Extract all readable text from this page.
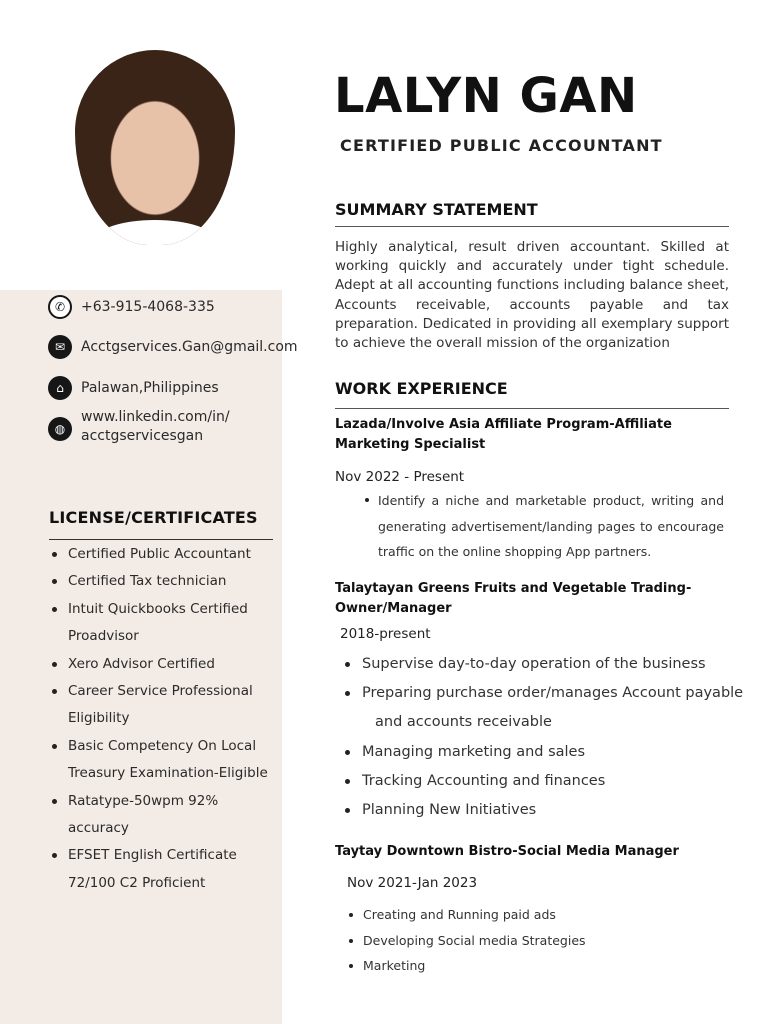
✆	+63-915-4068-335
✉	Acctgservices.Gan@gmail.com
⌂	Palawan,Philippines
◍
www.linkedin.com/in/
acctgservicesgan
LICENSE/CERTIFICATES
Certified Public Accountant
Certified Tax technician
Intuit Quickbooks Certified Proadvisor
Xero Advisor Certified
Career Service Professional Eligibility
Basic Competency On Local Treasury Examination-Eligible
Ratatype-50wpm 92% accuracy
EFSET English Certificate 72/100 C2 Proficient
LALYN GAN
CERTIFIED PUBLIC ACCOUNTANT
SUMMARY STATEMENT
Highly analytical, result driven accountant. Skilled at working quickly and accurately under tight schedule. Adept at all accounting functions including balance sheet, Accounts receivable, accounts payable and tax preparation. Dedicated in providing all exemplary support to achieve the overall mission of the organization
WORK EXPERIENCE
Lazada/Involve Asia Affiliate Program-Affiliate Marketing Specialist
Nov 2022 - Present
Identify a niche and marketable product, writing and generating advertisement/landing pages to encourage traffic on the online shopping App partners.
Talaytayan Greens Fruits and Vegetable Trading-Owner/Manager
2018-present
Supervise day-to-day operation of the business
Preparing purchase order/manages Account payable
and accounts receivable
Managing marketing and sales
Tracking Accounting and finances
Planning New Initiatives
Taytay Downtown Bistro-Social Media Manager
Nov 2021-Jan 2023
Creating and Running paid ads
Developing Social media Strategies
Marketing
